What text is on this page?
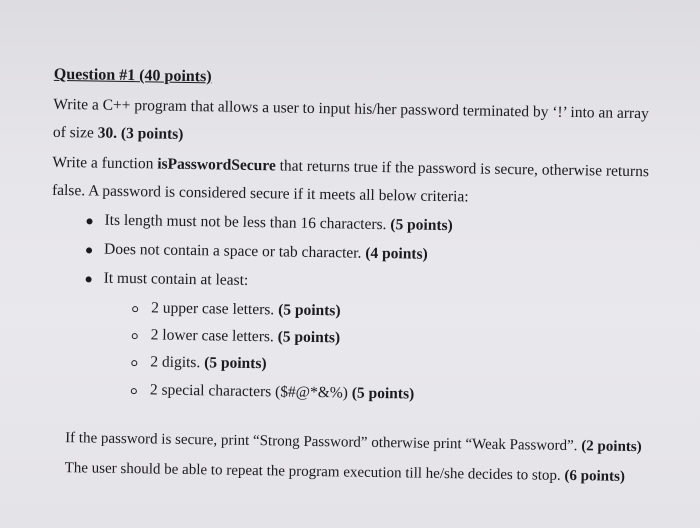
Question #1 (40 points)
Write a C++ program that allows a user to input his/her password terminated by ‘!’ into an array
of size 30. (3 points)
Write a function isPasswordSecure that returns true if the password is secure, otherwise returns
false. A password is considered secure if it meets all below criteria:
Its length must not be less than 16 characters. (5 points)
Does not contain a space or tab character. (4 points)
It must contain at least:
2 upper case letters. (5 points)
2 lower case letters. (5 points)
2 digits. (5 points)
2 special characters ($#@*&%) (5 points)
If the password is secure, print “Strong Password” otherwise print “Weak Password”. (2 points)
The user should be able to repeat the program execution till he/she decides to stop. (6 points)
